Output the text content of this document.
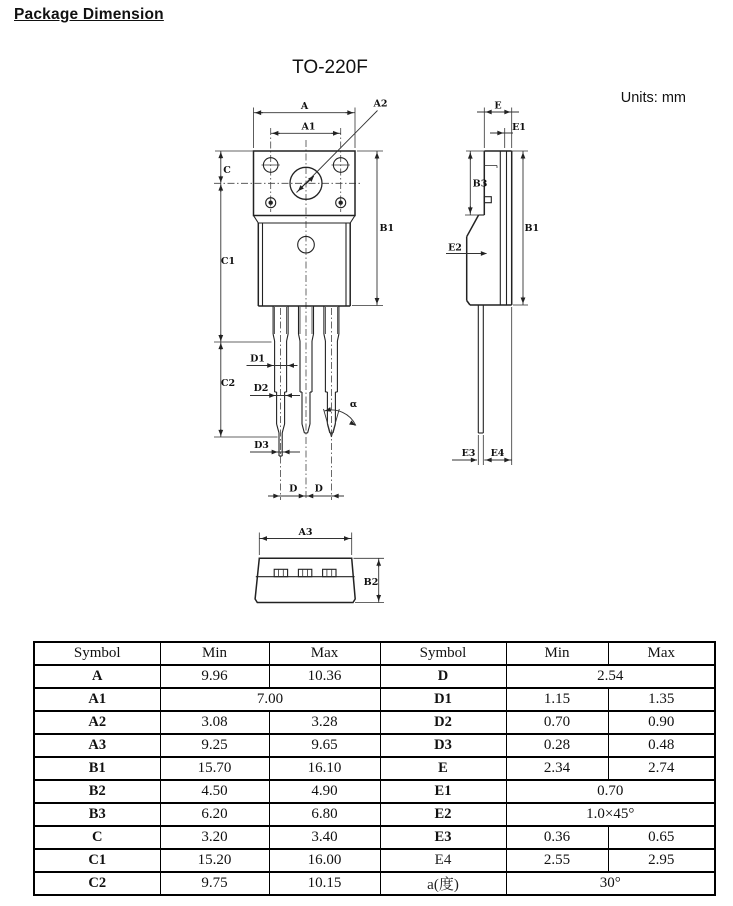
Package Dimension
TO-220F
Units: mm
A
A1
A2
C
C1
C2
B1
D1
D2
D3
D D
α
E
E1
B3
B1
E2
E3 E4
A3
B2
Symbol	Min	Max	Symbol	Min	Max
A	9.96	10.36	D	2.54	
A1	7.00		D1	1.15	1.35
A2	3.08	3.28	D2	0.70	0.90
A3	9.25	9.65	D3	0.28	0.48
B1	15.70	16.10	E	2.34	2.74
B2	4.50	4.90	E1	0.70	
B3	6.20	6.80	E2	1.0×45°	
C	3.20	3.40	E3	0.36	0.65
C1	15.20	16.00	E4	2.55	2.95
C2	9.75	10.15	a(度)	30°	
